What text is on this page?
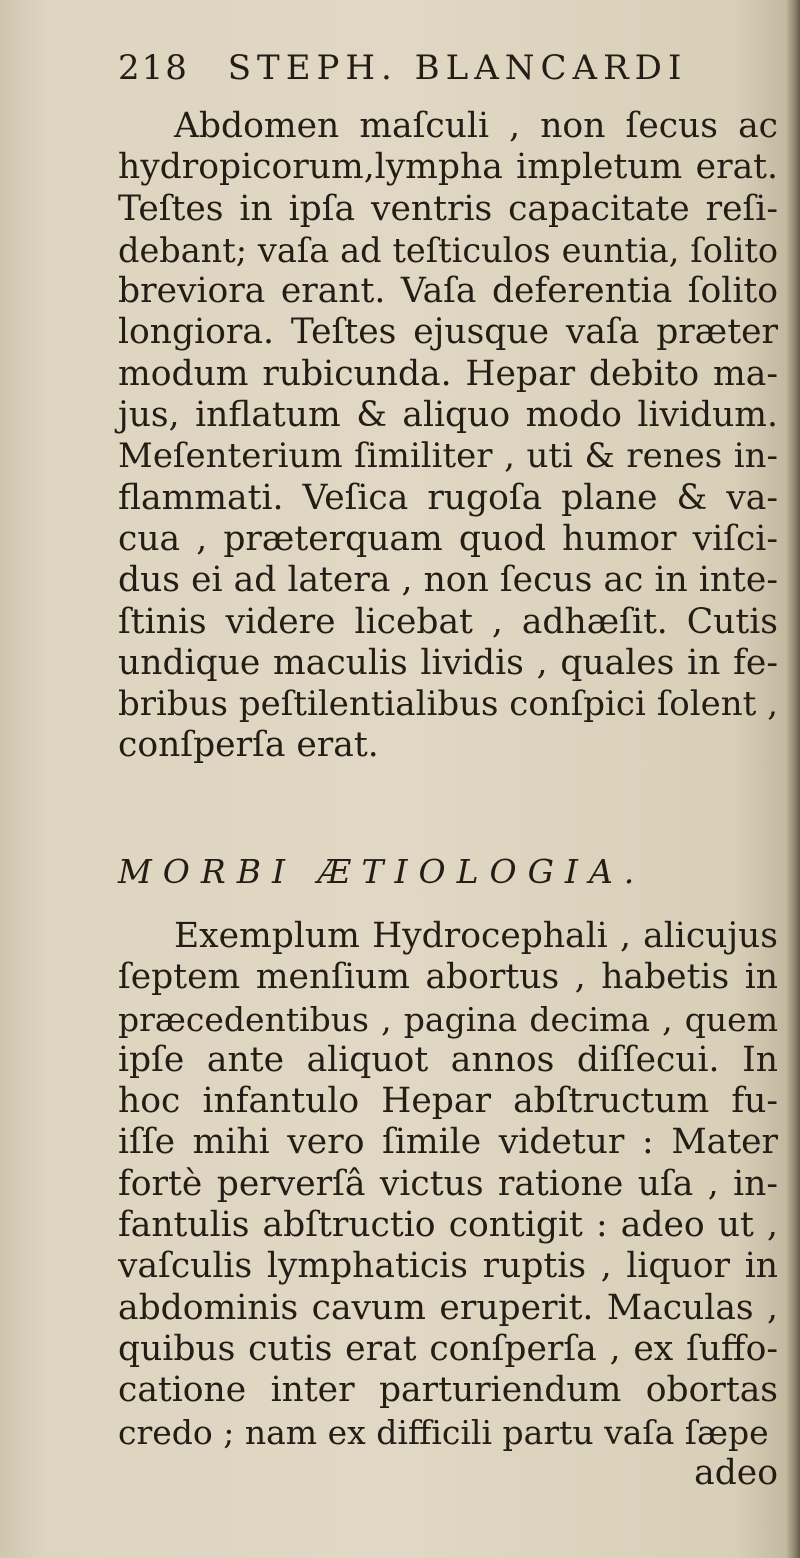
218 STEPH. BLANCARDI
Abdomen maſculi , non ſecus ac
hydropicorum,lympha impletum erat.
Teſtes in ipſa ventris capacitate reſi-
debant; vaſa ad teſticulos euntia, ſolito
breviora erant. Vaſa deferentia ſolito
longiora. Teſtes ejusque vaſa præter
modum rubicunda. Hepar debito ma-
jus, inflatum & aliquo modo lividum.
Meſenterium ſimiliter , uti & renes in-
flammati. Veſica rugoſa plane & va-
cua , præterquam quod humor viſci-
dus ei ad latera , non ſecus ac in inte-
ſtinis videre licebat , adhæſit. Cutis
undique maculis lividis , quales in fe-
bribus peſtilentialibus conſpici ſolent ,
conſperſa erat.
MORBI ÆTIOLOGIA.
Exemplum Hydrocephali , alicujus
ſeptem menſium abortus , habetis in
præcedentibus , pagina decima , quem
ipſe ante aliquot annos diſſecui. In
hoc infantulo Hepar abſtructum fu-
iſſe mihi vero ſimile videtur : Mater
fortè perverſâ victus ratione uſa , in-
fantulis abſtructio contigit : adeo ut ,
vaſculis lymphaticis ruptis , liquor in
abdominis cavum eruperit. Maculas ,
quibus cutis erat conſperſa , ex ſuffo-
catione inter parturiendum obortas
credo ; nam ex difficili partu vaſa ſæpe
adeo
